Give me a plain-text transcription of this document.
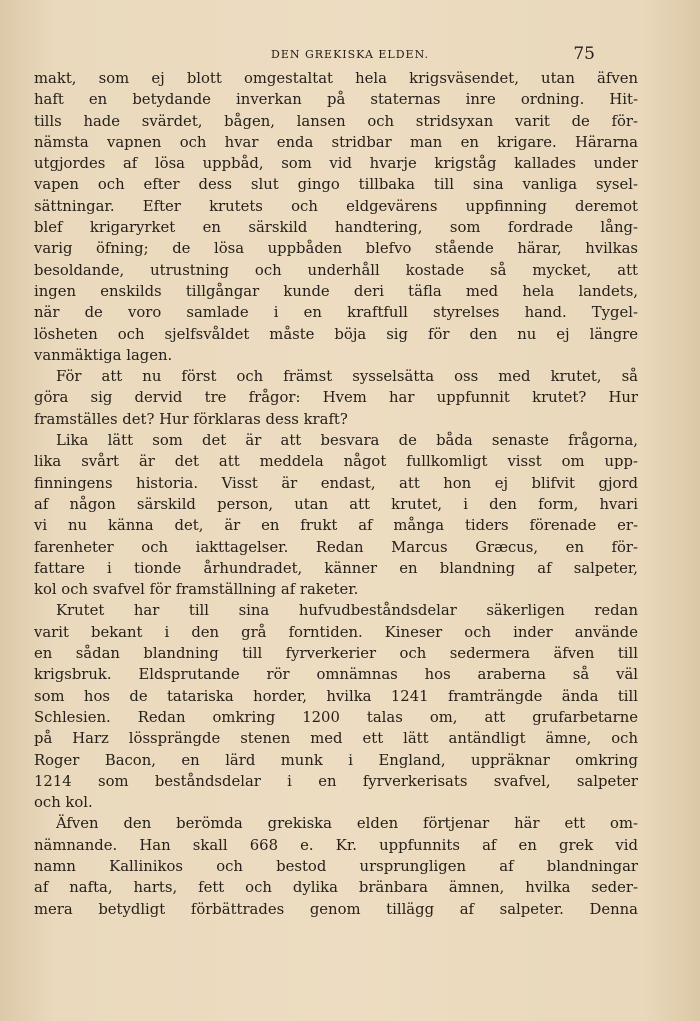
DEN GREKISKA ELDEN.	75
makt, som ej blott omgestaltat hela krigsväsendet, utan äfven
haft en betydande inverkan på staternas inre ordning. Hit-
tills hade svärdet, bågen, lansen och stridsyxan varit de för-
nämsta vapnen och hvar enda stridbar man en krigare. Härarna
utgjordes af lösa uppbåd, som vid hvarje krigståg kallades under
vapen och efter dess slut gingo tillbaka till sina vanliga sysel-
sättningar. Efter krutets och eldgevärens uppfinning deremot
blef krigaryrket en särskild handtering, som fordrade lång-
varig öfning; de lösa uppbåden blefvo stående härar, hvilkas
besoldande, utrustning och underhåll kostade så mycket, att
ingen enskilds tillgångar kunde deri täfla med hela landets,
när de voro samlade i en kraftfull styrelses hand. Tygel-
lösheten och sjelfsvåldet måste böja sig för den nu ej längre
vanmäktiga lagen.
För att nu först och främst sysselsätta oss med krutet, så
göra sig dervid tre frågor: Hvem har uppfunnit krutet? Hur
framställes det? Hur förklaras dess kraft?
Lika lätt som det är att besvara de båda senaste frågorna,
lika svårt är det att meddela något fullkomligt visst om upp-
finningens historia. Visst är endast, att hon ej blifvit gjord
af någon särskild person, utan att krutet, i den form, hvari
vi nu känna det, är en frukt af många tiders förenade er-
farenheter och iakttagelser. Redan Marcus Græcus, en för-
fattare i tionde århundradet, känner en blandning af salpeter,
kol och svafvel för framställning af raketer.
Krutet har till sina hufvudbeståndsdelar säkerligen redan
varit bekant i den grå forntiden. Kineser och inder använde
en sådan blandning till fyrverkerier och sedermera äfven till
krigsbruk. Eldsprutande rör omnämnas hos araberna så väl
som hos de tatariska horder, hvilka 1241 framträngde ända till
Schlesien. Redan omkring 1200 talas om, att grufarbetarne
på Harz lössprängde stenen med ett lätt antändligt ämne, och
Roger Bacon, en lärd munk i England, uppräknar omkring
1214 som beståndsdelar i en fyrverkerisats svafvel, salpeter
och kol.
Äfven den berömda grekiska elden förtjenar här ett om-
nämnande. Han skall 668 e. Kr. uppfunnits af en grek vid
namn Kallinikos och bestod ursprungligen af blandningar
af nafta, harts, fett och dylika bränbara ämnen, hvilka seder-
mera betydligt förbättrades genom tillägg af salpeter. Denna
